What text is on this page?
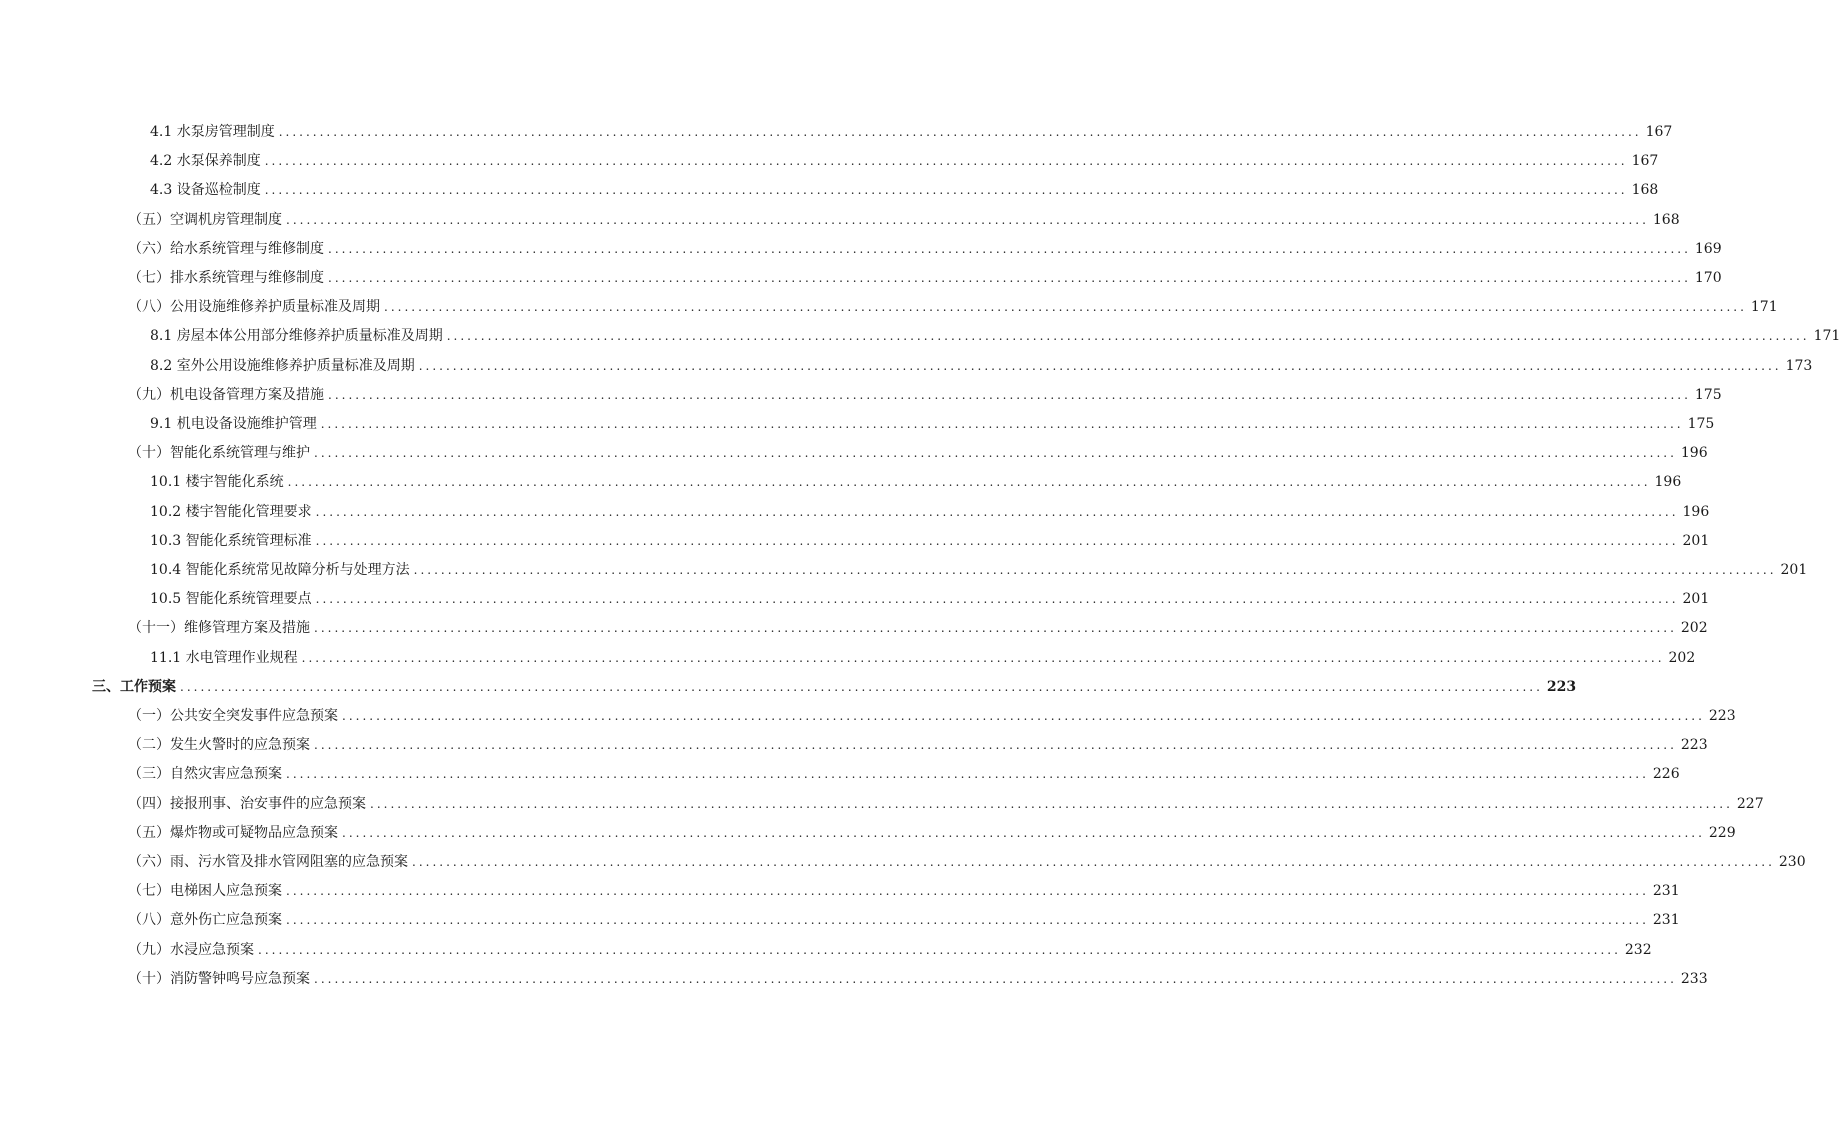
4.1 水泵房管理制度 ........................................................................................................................................................................................................ 167
4.2 水泵保养制度 ........................................................................................................................................................................................................ 167
4.3 设备巡检制度 ........................................................................................................................................................................................................ 168
（五）空调机房管理制度 ........................................................................................................................................................................................................ 168
（六）给水系统管理与维修制度 ........................................................................................................................................................................................................ 169
（七）排水系统管理与维修制度 ........................................................................................................................................................................................................ 170
（八）公用设施维修养护质量标准及周期 ........................................................................................................................................................................................................ 171
8.1 房屋本体公用部分维修养护质量标准及周期 ........................................................................................................................................................................................................ 171
8.2 室外公用设施维修养护质量标准及周期 ........................................................................................................................................................................................................ 173
（九）机电设备管理方案及措施 ........................................................................................................................................................................................................ 175
9.1 机电设备设施维护管理 ........................................................................................................................................................................................................ 175
（十）智能化系统管理与维护 ........................................................................................................................................................................................................ 196
10.1 楼宇智能化系统 ........................................................................................................................................................................................................ 196
10.2 楼宇智能化管理要求 ........................................................................................................................................................................................................ 196
10.3 智能化系统管理标准 ........................................................................................................................................................................................................ 201
10.4 智能化系统常见故障分析与处理方法 ........................................................................................................................................................................................................ 201
10.5 智能化系统管理要点 ........................................................................................................................................................................................................ 201
（十一）维修管理方案及措施 ........................................................................................................................................................................................................ 202
11.1 水电管理作业规程 ........................................................................................................................................................................................................ 202
三、工作预案 ........................................................................................................................................................................................................ 223
（一）公共安全突发事件应急预案 ........................................................................................................................................................................................................ 223
（二）发生火警时的应急预案 ........................................................................................................................................................................................................ 223
（三）自然灾害应急预案 ........................................................................................................................................................................................................ 226
（四）接报刑事、治安事件的应急预案 ........................................................................................................................................................................................................ 227
（五）爆炸物或可疑物品应急预案 ........................................................................................................................................................................................................ 229
（六）雨、污水管及排水管网阻塞的应急预案 ........................................................................................................................................................................................................ 230
（七）电梯困人应急预案 ........................................................................................................................................................................................................ 231
（八）意外伤亡应急预案 ........................................................................................................................................................................................................ 231
（九）水浸应急预案 ........................................................................................................................................................................................................ 232
（十）消防警钟鸣号应急预案 ........................................................................................................................................................................................................ 233
